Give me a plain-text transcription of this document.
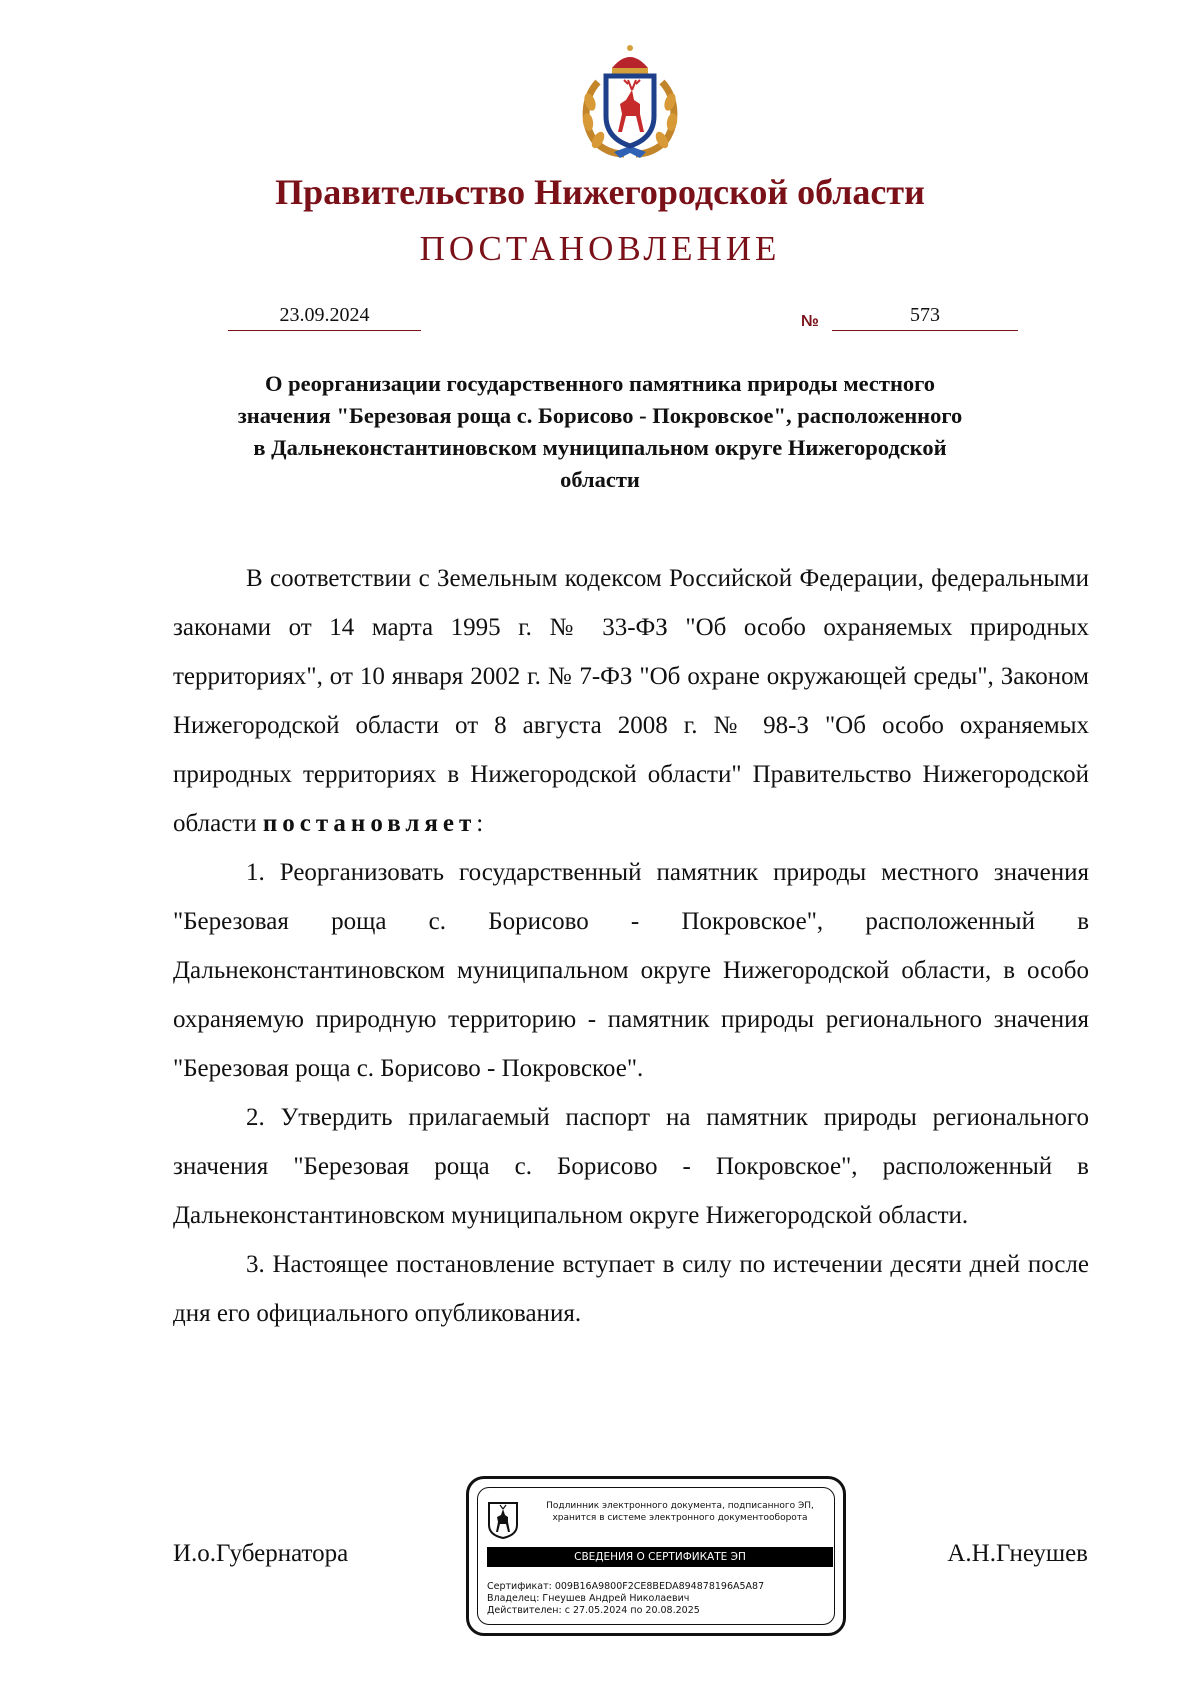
Правительство Нижегородской области
ПОСТАНОВЛЕНИЕ
23.09.2024	№	573
О реорганизации государственного памятника природы местного значения "Березовая роща с. Борисово - Покровское", расположенного в Дальнеконстантиновском муниципальном округе Нижегородской области

В соответствии с Земельным кодексом Российской Федерации, федеральными законами от 14 марта 1995 г. № 33-ФЗ "Об особо охраняемых природных территориях", от 10 января 2002 г. № 7-ФЗ "Об охране окружающей среды", Законом Нижегородской области от 8 августа 2008 г. № 98-З "Об особо охраняемых природных территориях в Нижегородской области" Правительство Нижегородской области постановляет:

1. Реорганизовать государственный памятник природы местного значения "Березовая роща с. Борисово - Покровское", расположенный в Дальнеконстантиновском муниципальном округе Нижегородской области, в особо охраняемую природную территорию - памятник природы регионального значения "Березовая роща с. Борисово - Покровское".

2. Утвердить прилагаемый паспорт на памятник природы регионального значения "Березовая роща с. Борисово - Покровское", расположенный в Дальнеконстантиновском муниципальном округе Нижегородской области.

3. Настоящее постановление вступает в силу по истечении десяти дней после дня его официального опубликования.

И.о.Губернатора	А.Н.Гнеушев
Подлинник электронного документа, подписанного ЭП,
хранится в системе электронного документооборота
СВЕДЕНИЯ О СЕРТИФИКАТЕ ЭП
Сертификат: 009B16A9800F2CE8BEDA894878196A5A87
Владелец: Гнеушев Андрей Николаевич
Действителен: с 27.05.2024 по 20.08.2025
